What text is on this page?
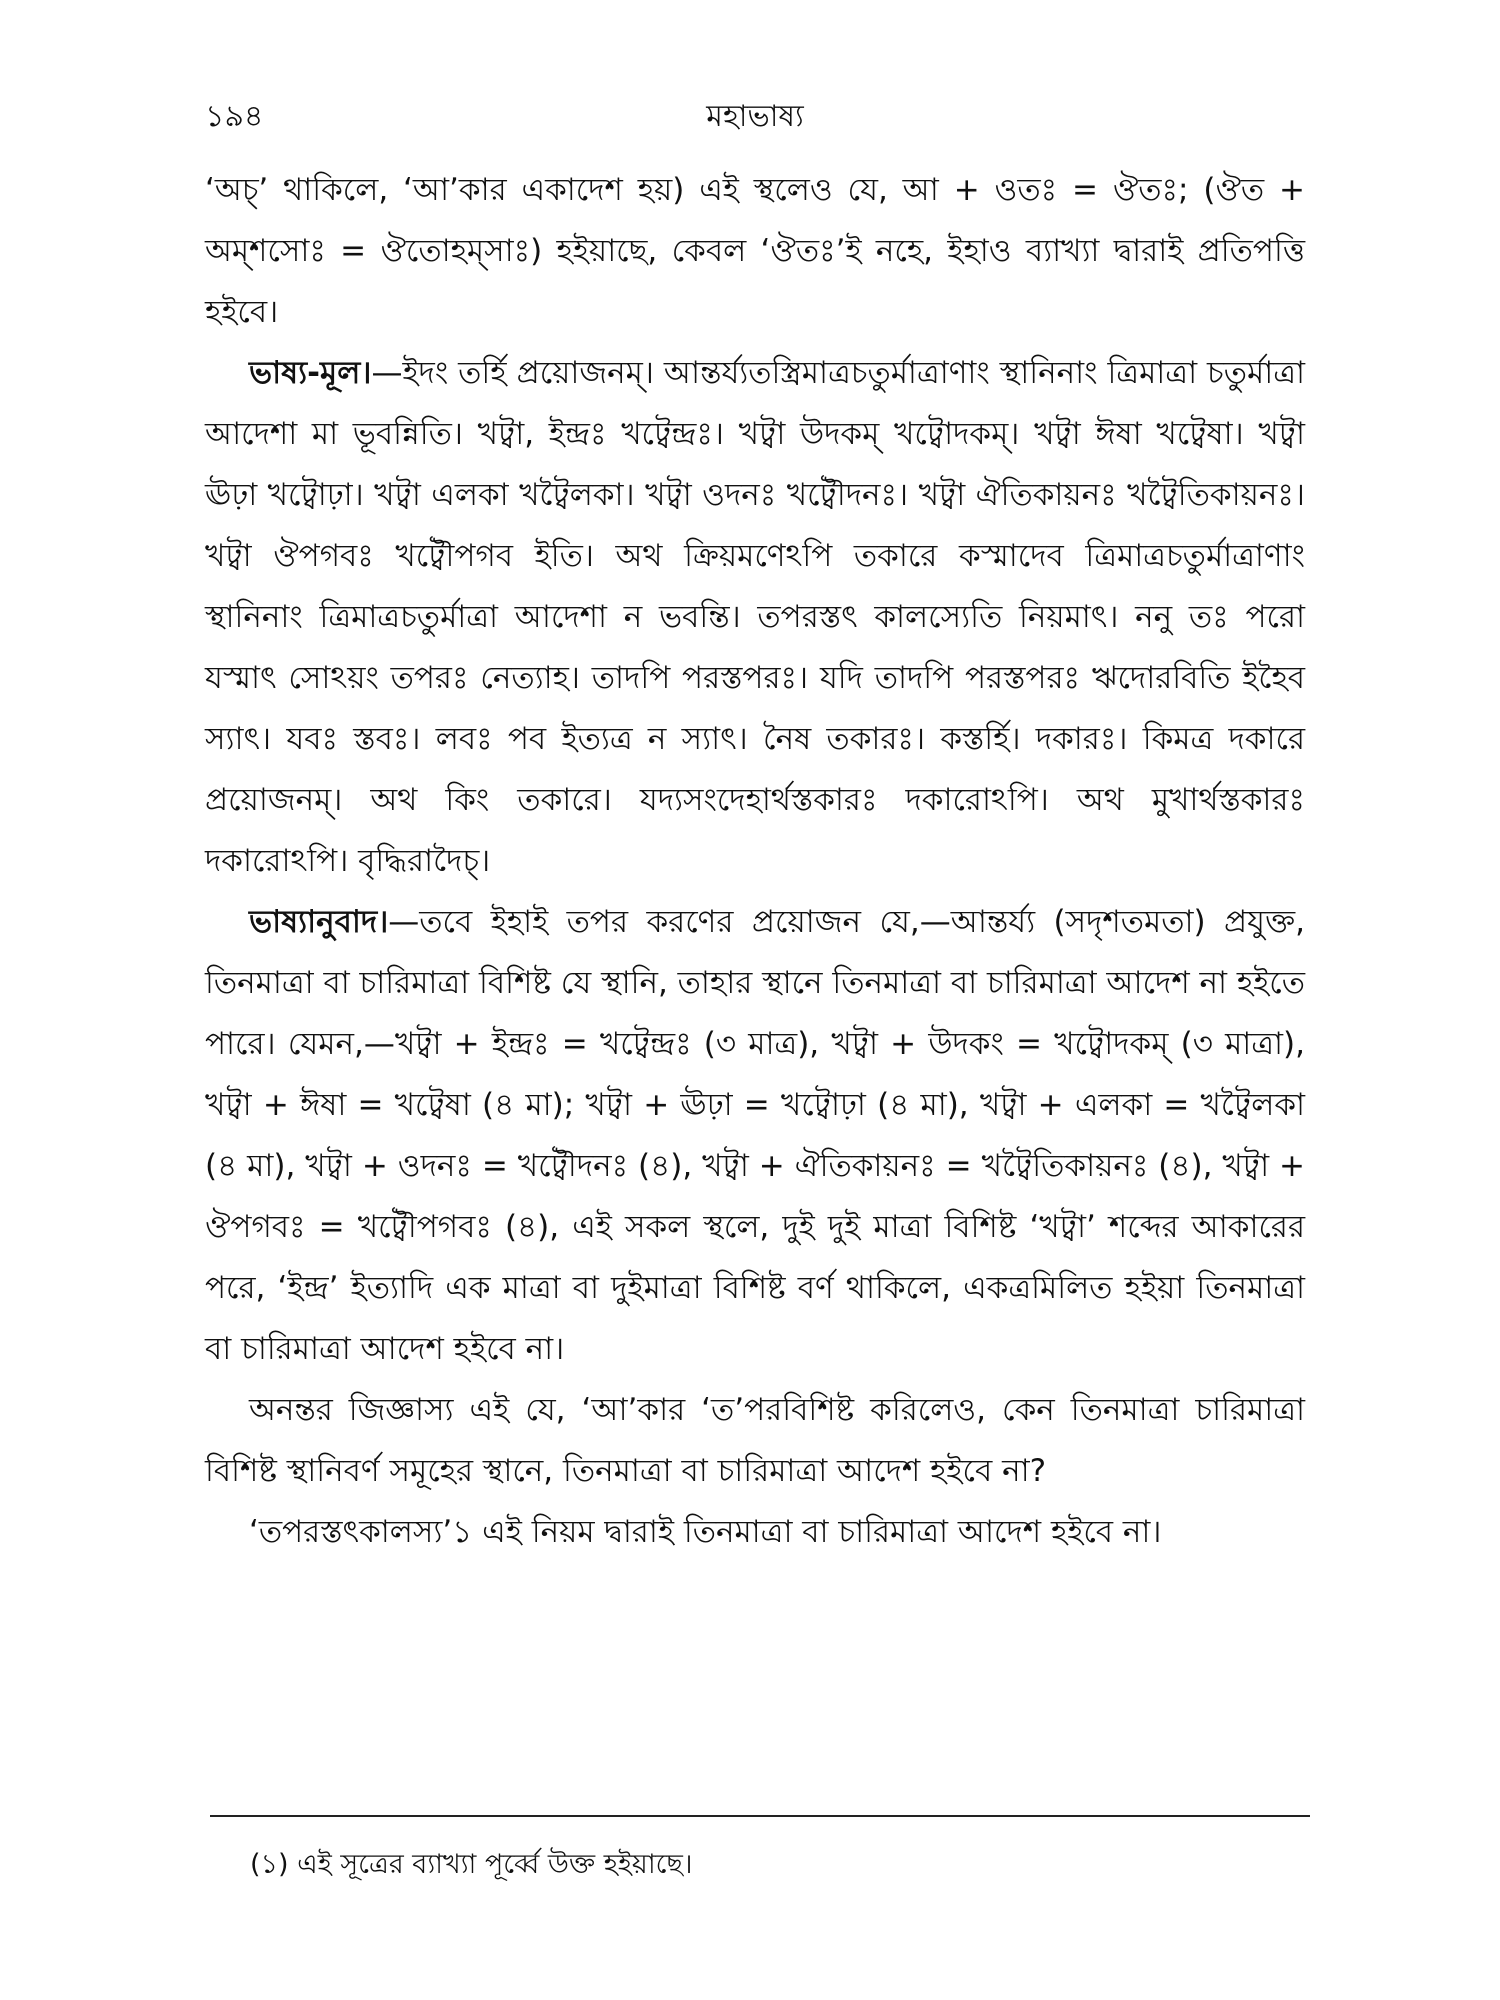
১৯৪	মহাভাষ্য

‘অচ্’ থাকিলে, ‘আ’কার একাদেশ হয়) এই স্থলেও যে, আ + ওতঃ = ঔতঃ; (ঔত + অম্শসোঃ = ঔতোহম্সাঃ) হইয়াছে, কেবল ‘ঔতঃ’ই নহে, ইহাও ব্যাখ্যা দ্বারাই প্রতিপত্তি হইবে।

ভাষ্য-মূল।—ইদং তর্হি প্রয়োজনম্। আন্তর্য্যতস্ত্রিমাত্রচতুর্মাত্রাণাং স্থানিনাং ত্রিমাত্রা চতুর্মাত্রা আদেশা মা ভূবন্নিতি। খট্বা, ইন্দ্রঃ খট্বেন্দ্রঃ। খট্বা উদকম্ খট্বোদকম্। খট্বা ঈষা খট্বেষা। খট্বা ঊঢ়া খট্বোঢ়া। খট্বা এলকা খট্বৈলকা। খট্বা ওদনঃ খট্বৌদনঃ। খট্বা ঐতিকায়নঃ খট্বৈতিকায়নঃ। খট্বা ঔপগবঃ খট্বৌপগব ইতি। অথ ক্রিয়মণেঽপি তকারে কস্মাদেব ত্রিমাত্রচতুর্মাত্রাণাং স্থানিনাং ত্রিমাত্রচতুর্মাত্রা আদেশা ন ভবন্তি। তপরস্তৎ কালস্যেতি নিয়মাৎ। ননু তঃ পরো যস্মাৎ সোঽয়ং তপরঃ নেত্যাহ। তাদপি পরস্তপরঃ। যদি তাদপি পরস্তপরঃ ঋদোরবিতি ইহৈব স্যাৎ। যবঃ স্তবঃ। লবঃ পব ইত্যত্র ন স্যাৎ। নৈষ তকারঃ। কস্তর্হি। দকারঃ। কিমত্র দকারে প্রয়োজনম্। অথ কিং তকারে। যদ্যসংদেহার্থস্তকারঃ দকারোঽপি। অথ মুখার্থস্তকারঃ দকারোঽপি। বৃদ্ধিরাদৈচ্।

ভাষ্যানুবাদ।—তবে ইহাই তপর করণের প্রয়োজন যে,—আন্তর্য্য (সদৃশতমতা) প্রযুক্ত, তিনমাত্রা বা চারিমাত্রা বিশিষ্ট যে স্থানি, তাহার স্থানে তিনমাত্রা বা চারিমাত্রা আদেশ না হইতে পারে। যেমন,—খট্বা + ইন্দ্রঃ = খট্বেন্দ্রঃ (৩ মাত্র), খট্বা + উদকং = খট্বোদকম্ (৩ মাত্রা), খট্বা + ঈষা = খট্বেষা (৪ মা); খট্বা + ঊঢ়া = খট্বোঢ়া (৪ মা), খট্বা + এলকা = খট্বৈলকা (৪ মা), খট্বা + ওদনঃ = খট্বৌদনঃ (৪), খট্বা + ঐতিকায়নঃ = খট্বৈতিকায়নঃ (৪), খট্বা + ঔপগবঃ = খট্বৌপগবঃ (৪), এই সকল স্থলে, দুই দুই মাত্রা বিশিষ্ট ‘খট্বা’ শব্দের আকারের পরে, ‘ইন্দ্র’ ইত্যাদি এক মাত্রা বা দুইমাত্রা বিশিষ্ট বর্ণ থাকিলে, একত্রমিলিত হইয়া তিনমাত্রা বা চারিমাত্রা আদেশ হইবে না।

অনন্তর জিজ্ঞাস্য এই যে, ‘আ’কার ‘ত’পরবিশিষ্ট করিলেও, কেন তিনমাত্রা চারিমাত্রা বিশিষ্ট স্থানিবর্ণ সমূহের স্থানে, তিনমাত্রা বা চারিমাত্রা আদেশ হইবে না?

‘তপরস্তৎকালস্য’১ এই নিয়ম দ্বারাই তিনমাত্রা বা চারিমাত্রা আদেশ হইবে না।

(১) এই সূত্রের ব্যাখ্যা পূর্ব্বে উক্ত হইয়াছে।
